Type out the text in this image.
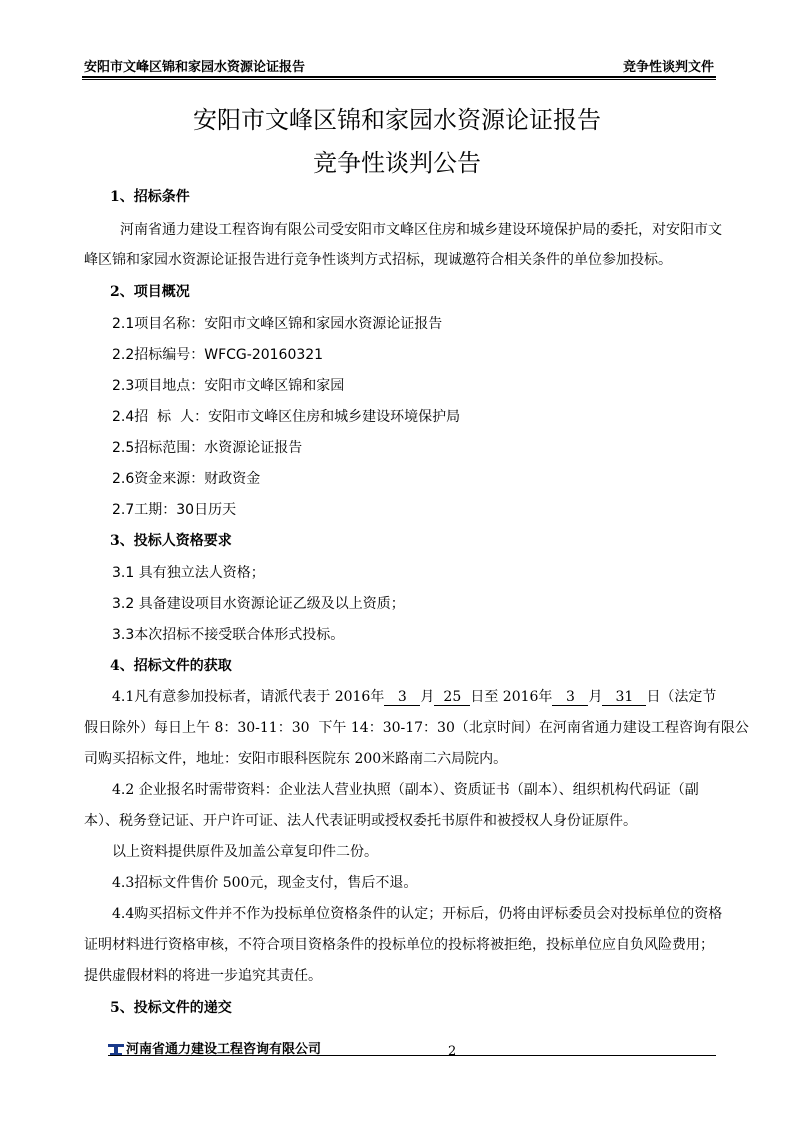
安阳市文峰区锦和家园水资源论证报告	竞争性谈判文件
安阳市文峰区锦和家园水资源论证报告
竞争性谈判公告
1、招标条件
河南省通力建设工程咨询有限公司受安阳市文峰区住房和城乡建设环境保护局的委托，对安阳市文
峰区锦和家园水资源论证报告进行竞争性谈判方式招标，现诚邀符合相关条件的单位参加投标。
2、项目概况
2.1项目名称：安阳市文峰区锦和家园水资源论证报告
2.2招标编号：WFCG-20160321
2.3项目地点：安阳市文峰区锦和家园
2.4招  标  人：安阳市文峰区住房和城乡建设环境保护局
2.5招标范围：水资源论证报告
2.6资金来源：财政资金
2.7工期：30日历天
3、投标人资格要求
3.1 具有独立法人资格；
3.2 具备建设项目水资源论证乙级及以上资质；
3.3本次招标不接受联合体形式投标。
4、招标文件的获取
4.1凡有意参加投标者，请派代表于 2016年 3 月 25 日至 2016年 3 月 31 日（法定节
假日除外）每日上午 8：30-11：30  下午 14：30-17：30（北京时间）在河南省通力建设工程咨询有限公
司购买招标文件，地址：安阳市眼科医院东 200米路南二六局院内。
4.2 企业报名时需带资料：企业法人营业执照（副本）、资质证书（副本）、组织机构代码证（副
本）、税务登记证、开户许可证、法人代表证明或授权委托书原件和被授权人身份证原件。
以上资料提供原件及加盖公章复印件二份。
4.3招标文件售价 500元，现金支付，售后不退。
4.4购买招标文件并不作为投标单位资格条件的认定；开标后，仍将由评标委员会对投标单位的资格
证明材料进行资格审核，不符合项目资格条件的投标单位的投标将被拒绝，投标单位应自负风险费用；
提供虚假材料的将进一步追究其责任。
5、投标文件的递交
河南省通力建设工程咨询有限公司	2
